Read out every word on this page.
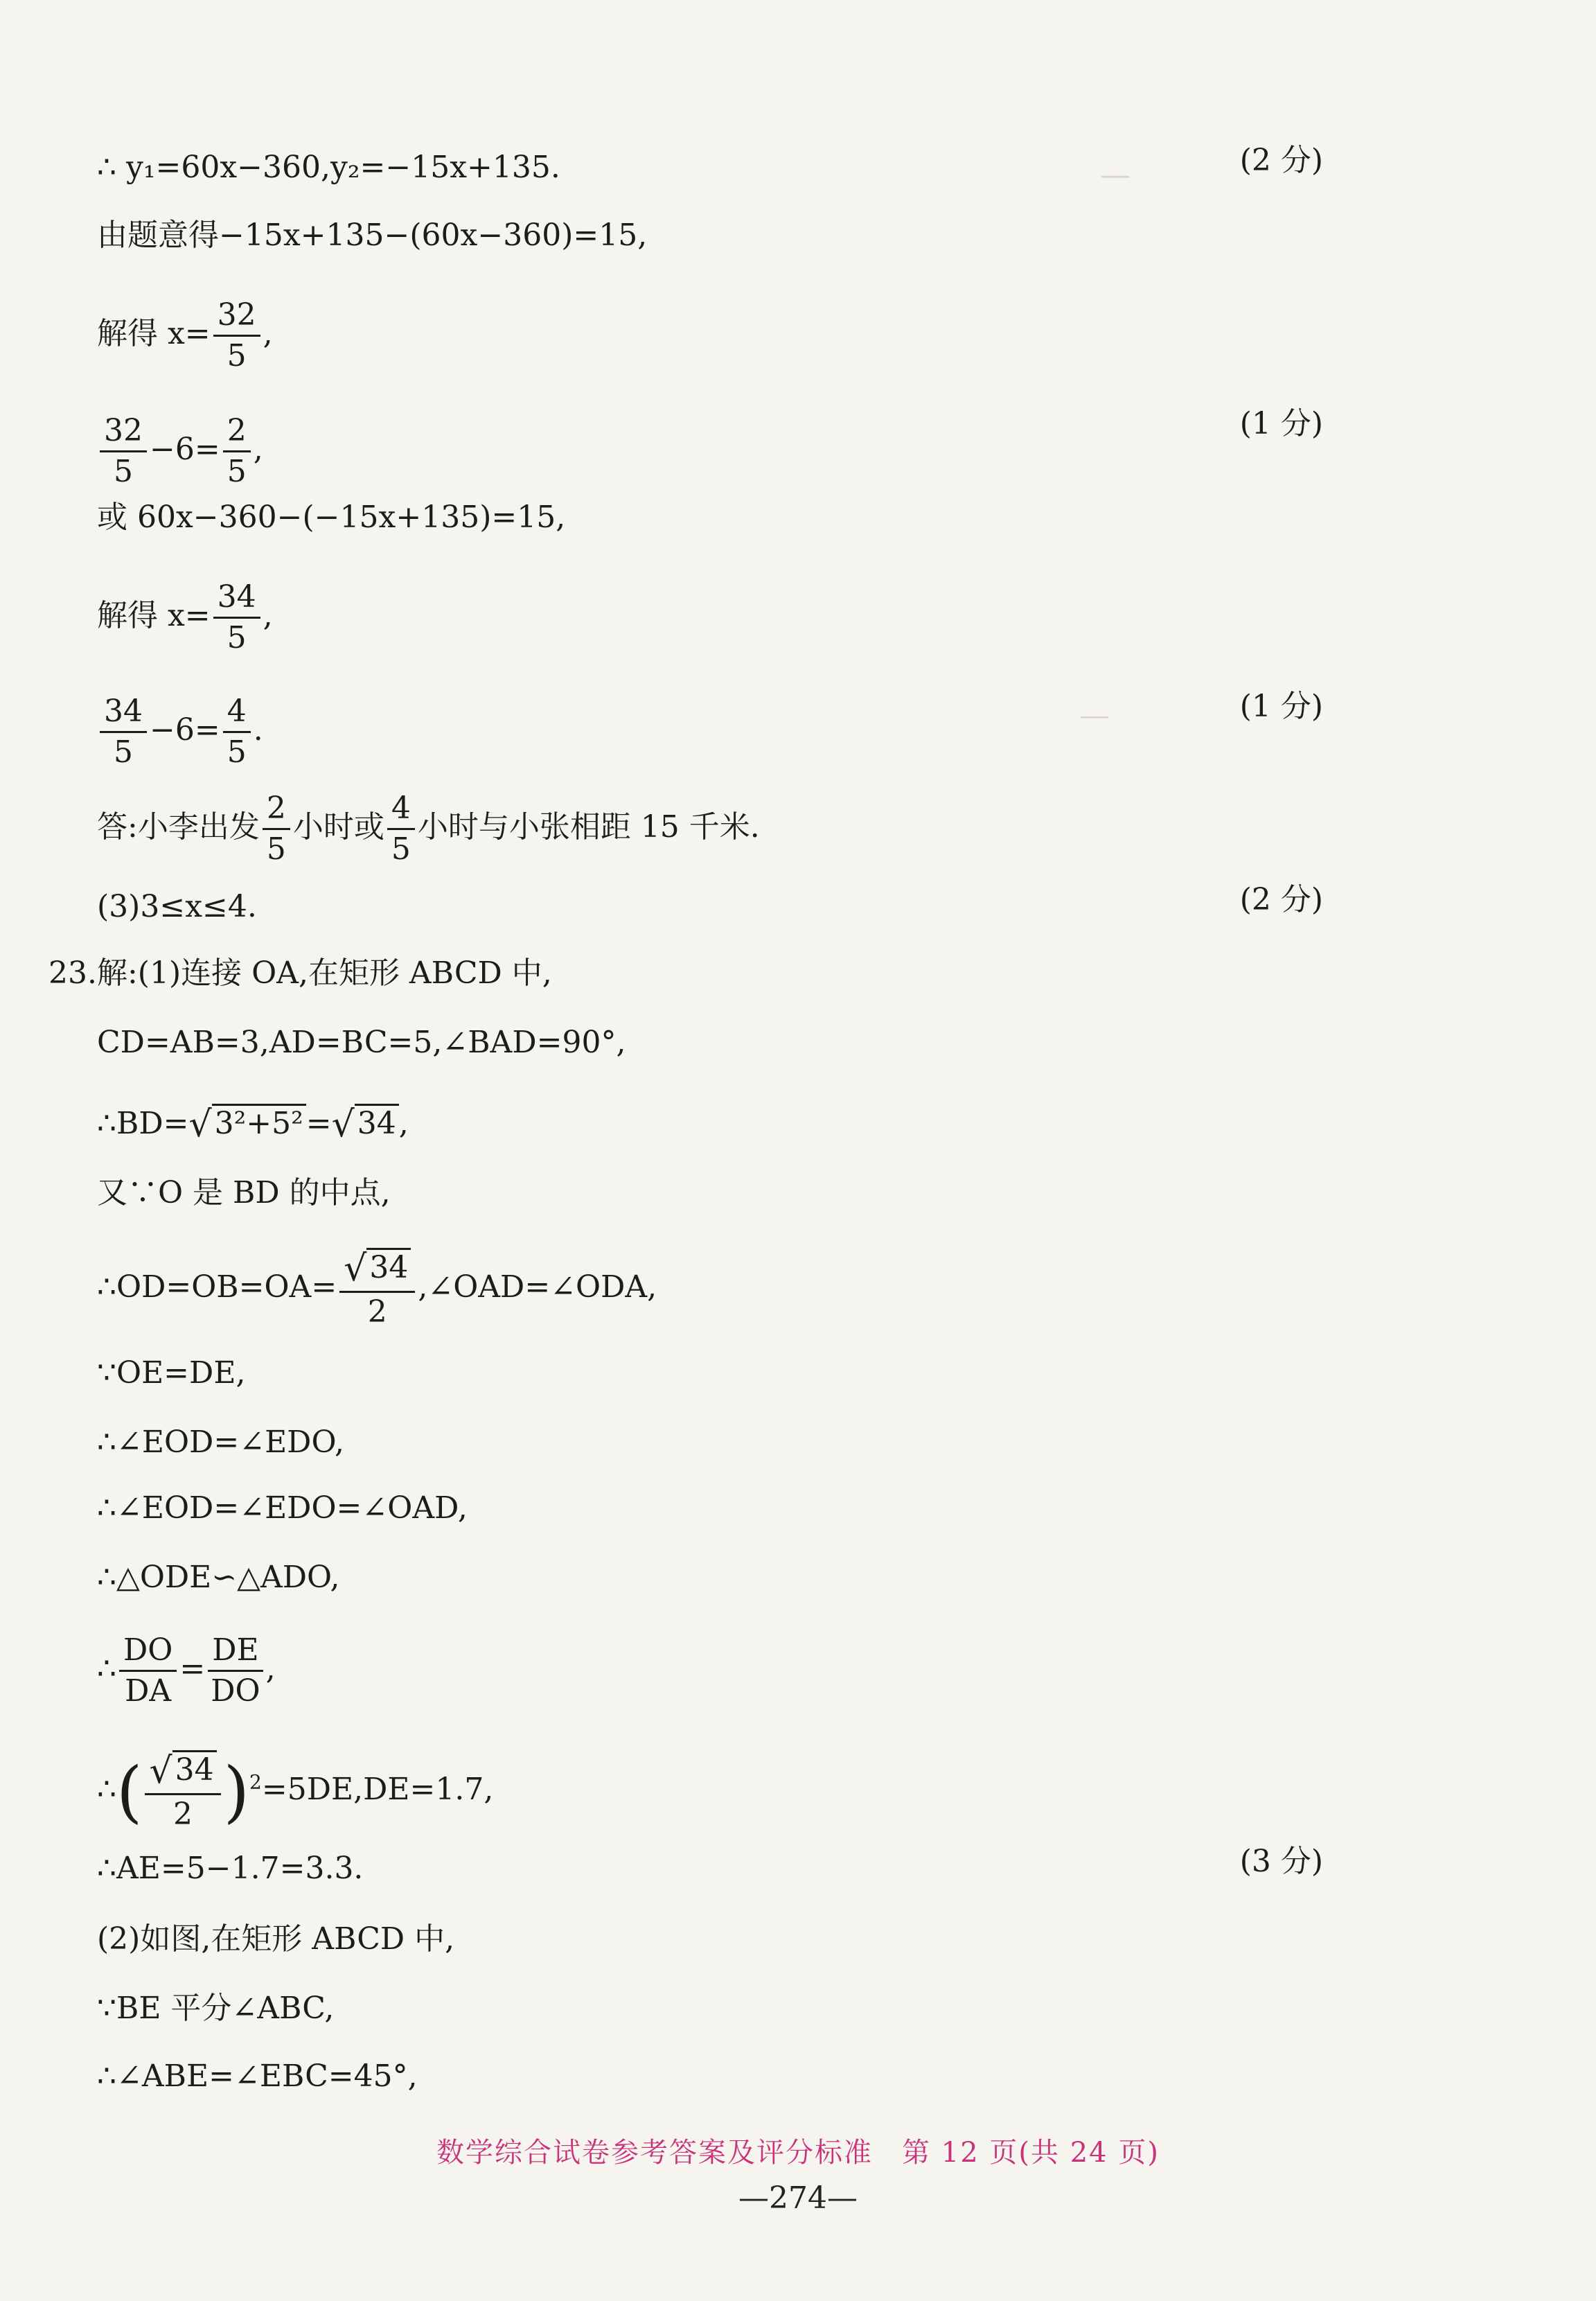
―
―
∴ y₁=60x−360,y₂=−15x+135.	(2 分)
由题意得−15x+135−(60x−360)=15,
解得 $x= \frac{32}{5}$ ,
$\frac{32}{5} -6= \frac{2}{5}$ ,
(1 分)
或 60x−360−(−15x+135)=15,
解得 $x= \frac{34}{5}$ ,
$\frac{34}{5} -6= \frac{4}{5}$ .
(1 分)
答:小李出发 $\frac{2}{5}$ 小时或 $\frac{4}{5}$ 小时与小张相距 15 千米.
(3)3≤x≤4.	(2 分)
23.解:(1)连接 OA,在矩形 ABCD 中,
CD=AB=3,AD=BC=5,∠BAD=90°,
∴BD=√3²+5²=√34,
又∵O 是 BD 的中点,
∴OD=OB=OA= $\frac{√34}{2}$ ,∠OAD=∠ODA,
∵OE=DE,
∴∠EOD=∠EDO,
∴∠EOD=∠EDO=∠OAD,
∴△ODE∽△ADO,
∴ $\frac{DO}{DA} = \frac{DE}{DO}$ ,
∴( $\frac{√34}{2} )^2=5DE,DE=1.7$,
∴AE=5−1.7=3.3.	(3 分)
(2)如图,在矩形 ABCD 中,
∵BE 平分∠ABC,
∴∠ABE=∠EBC=45°,
数学综合试卷参考答案及评分标准　第 12 页(共 24 页)
—274—
